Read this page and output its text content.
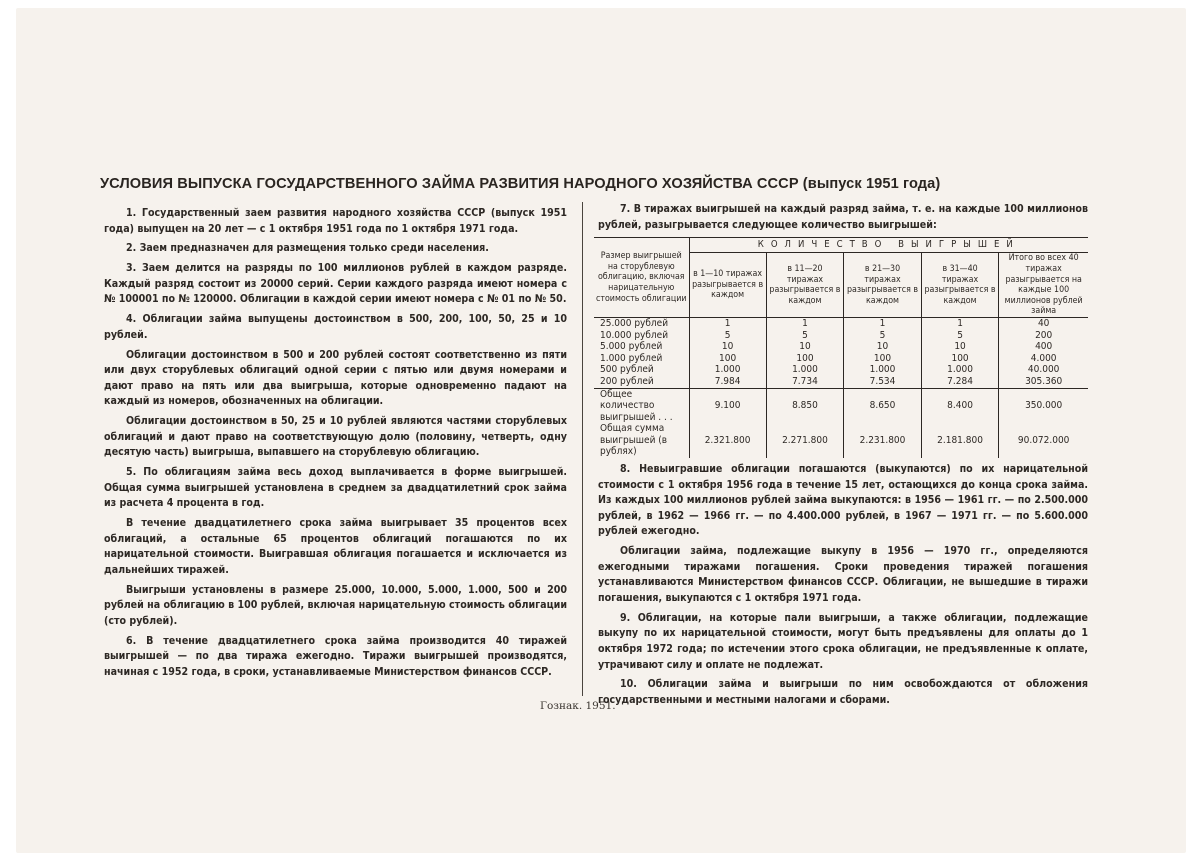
УСЛОВИЯ ВЫПУСКА ГОСУДАРСТВЕННОГО ЗАЙМА РАЗВИТИЯ НАРОДНОГО ХОЗЯЙСТВА СССР (выпуск 1951 года)

1. Государственный заем развития народного хозяйства СССР (выпуск 1951 года) выпущен на 20 лет — с 1 октября 1951 года по 1 октября 1971 года.

2. Заем предназначен для размещения только среди населения.

3. Заем делится на разряды по 100 миллионов рублей в каждом разряде. Каждый разряд состоит из 20000 серий. Серии каждого разряда имеют номера с № 100001 по № 120000. Облигации в каждой серии имеют номера с № 01 по № 50.

4. Облигации займа выпущены достоинством в 500, 200, 100, 50, 25 и 10 рублей.

Облигации достоинством в 500 и 200 рублей состоят соответственно из пяти или двух сторублевых облигаций одной серии с пятью или двумя номерами и дают право на пять или два выигрыша, которые одновременно падают на каждый из номеров, обозначенных на облигации.

Облигации достоинством в 50, 25 и 10 рублей являются частями сторублевых облигаций и дают право на соответствующую долю (половину, четверть, одну десятую часть) выигрыша, выпавшего на сторублевую облигацию.

5. По облигациям займа весь доход выплачивается в форме выигрышей. Общая сумма выигрышей установлена в среднем за двадцатилетний срок займа из расчета 4 процента в год.

В течение двадцатилетнего срока займа выигрывает 35 процентов всех облигаций, а остальные 65 процентов облигаций погашаются по их нарицательной стоимости. Выигравшая облигация погашается и исключается из дальнейших тиражей.

Выигрыши установлены в размере 25.000, 10.000, 5.000, 1.000, 500 и 200 рублей на облигацию в 100 рублей, включая нарицательную стоимость облигации (сто рублей).

6. В течение двадцатилетнего срока займа производится 40 тиражей выигрышей — по два тиража ежегодно. Тиражи выигрышей производятся, начиная с 1952 года, в сроки, устанавливаемые Министерством финансов СССР.

7. В тиражах выигрышей на каждый разряд займа, т. е. на каждые 100 миллионов рублей, разыгрывается следующее количество выигрышей:

Размер выигрышей на сторублевую облигацию, включая нарицательную стоимость облигации	КОЛИЧЕСТВО ВЫИГРЫШЕЙ				
	в 1—10 тиражах разыгрывается в каждом	в 11—20 тиражах разыгрывается в каждом	в 21—30 тиражах разыгрывается в каждом	в 31—40 тиражах разыгрывается в каждом	Итого во всех 40 тиражах разыгрывается на каждые 100 миллионов рублей займа
25.000 рублей	1	1	1	1	40
10.000 рублей	5	5	5	5	200
5.000 рублей	10	10	10	10	400
1.000 рублей	100	100	100	100	4.000
500 рублей	1.000	1.000	1.000	1.000	40.000
200 рублей	7.984	7.734	7.534	7.284	305.360
Общее количество выигрышей . . .	9.100	8.850	8.650	8.400	350.000
Общая сумма выигрышей (в рублях)	2.321.800	2.271.800	2.231.800	2.181.800	90.072.000

8. Невыигравшие облигации погашаются (выкупаются) по их нарицательной стоимости с 1 октября 1956 года в течение 15 лет, остающихся до конца срока займа. Из каждых 100 миллионов рублей займа выкупаются: в 1956 — 1961 гг. — по 2.500.000 рублей, в 1962 — 1966 гг. — по 4.400.000 рублей, в 1967 — 1971 гг. — по 5.600.000 рублей ежегодно.

Облигации займа, подлежащие выкупу в 1956 — 1970 гг., определяются ежегодными тиражами погашения. Сроки проведения тиражей погашения устанавливаются Министерством финансов СССР. Облигации, не вышедшие в тиражи погашения, выкупаются с 1 октября 1971 года.

9. Облигации, на которые пали выигрыши, а также облигации, подлежащие выкупу по их нарицательной стоимости, могут быть предъявлены для оплаты до 1 октября 1972 года; по истечении этого срока облигации, не предъявленные к оплате, утрачивают силу и оплате не подлежат.

10. Облигации займа и выигрыши по ним освобождаются от обложения государственными и местными налогами и сборами.

Гознак. 1951.
